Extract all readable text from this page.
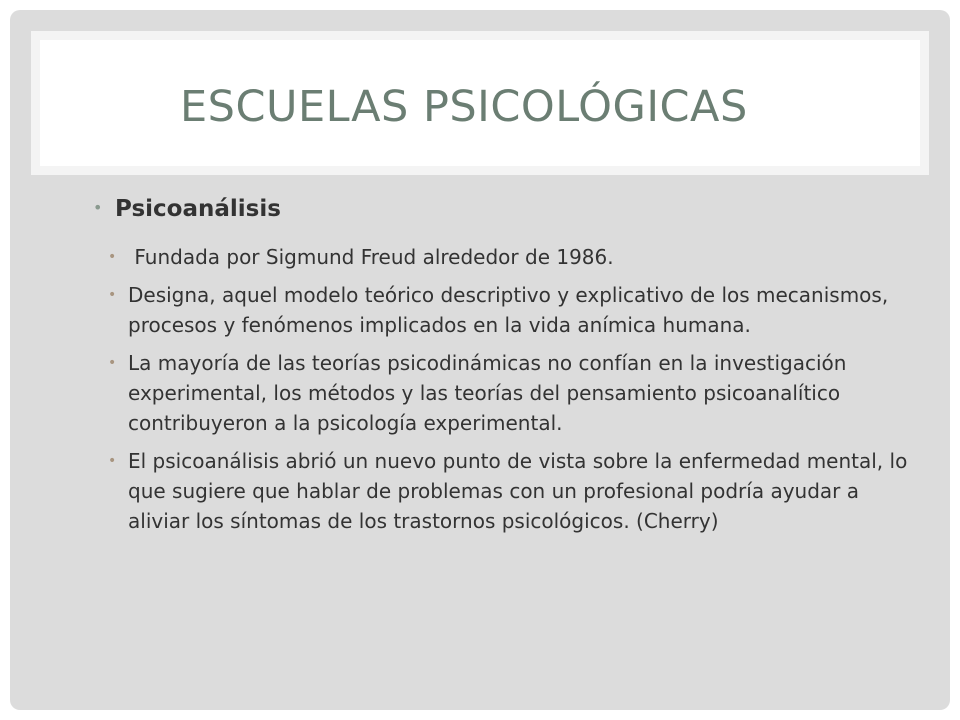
ESCUELAS PSICOLÓGICAS
• Psicoanálisis
• Fundada por Sigmund Freud alrededor de 1986.
• Designa, aquel modelo teórico descriptivo y explicativo de los mecanismos, procesos y fenómenos implicados en la vida anímica humana.
• La mayoría de las teorías psicodinámicas no confían en la investigación experimental, los métodos y las teorías del pensamiento psicoanalítico contribuyeron a la psicología experimental.
• El psicoanálisis abrió un nuevo punto de vista sobre la enfermedad mental, lo que sugiere que hablar de problemas con un profesional podría ayudar a aliviar los síntomas de los trastornos psicológicos. (Cherry)
